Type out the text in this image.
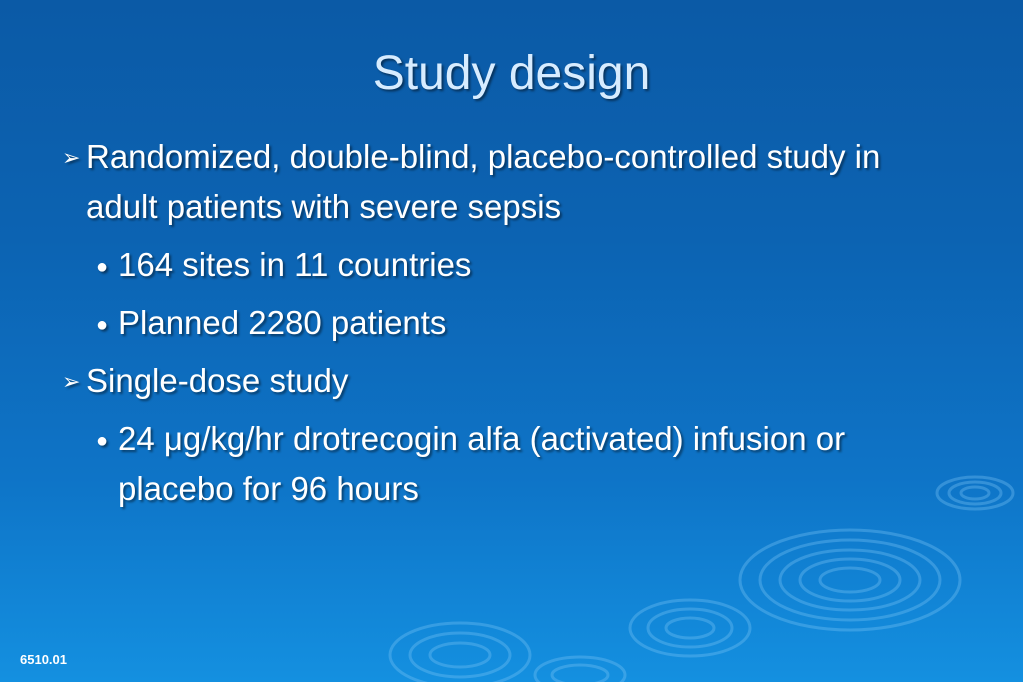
Study design
➢ Randomized, double-blind, placebo-controlled study in adult patients with severe sepsis
● 164 sites in 11 countries
● Planned 2280 patients
➢ Single-dose study
● 24 μg/kg/hr drotrecogin alfa (activated) infusion or placebo for 96 hours
6510.01
